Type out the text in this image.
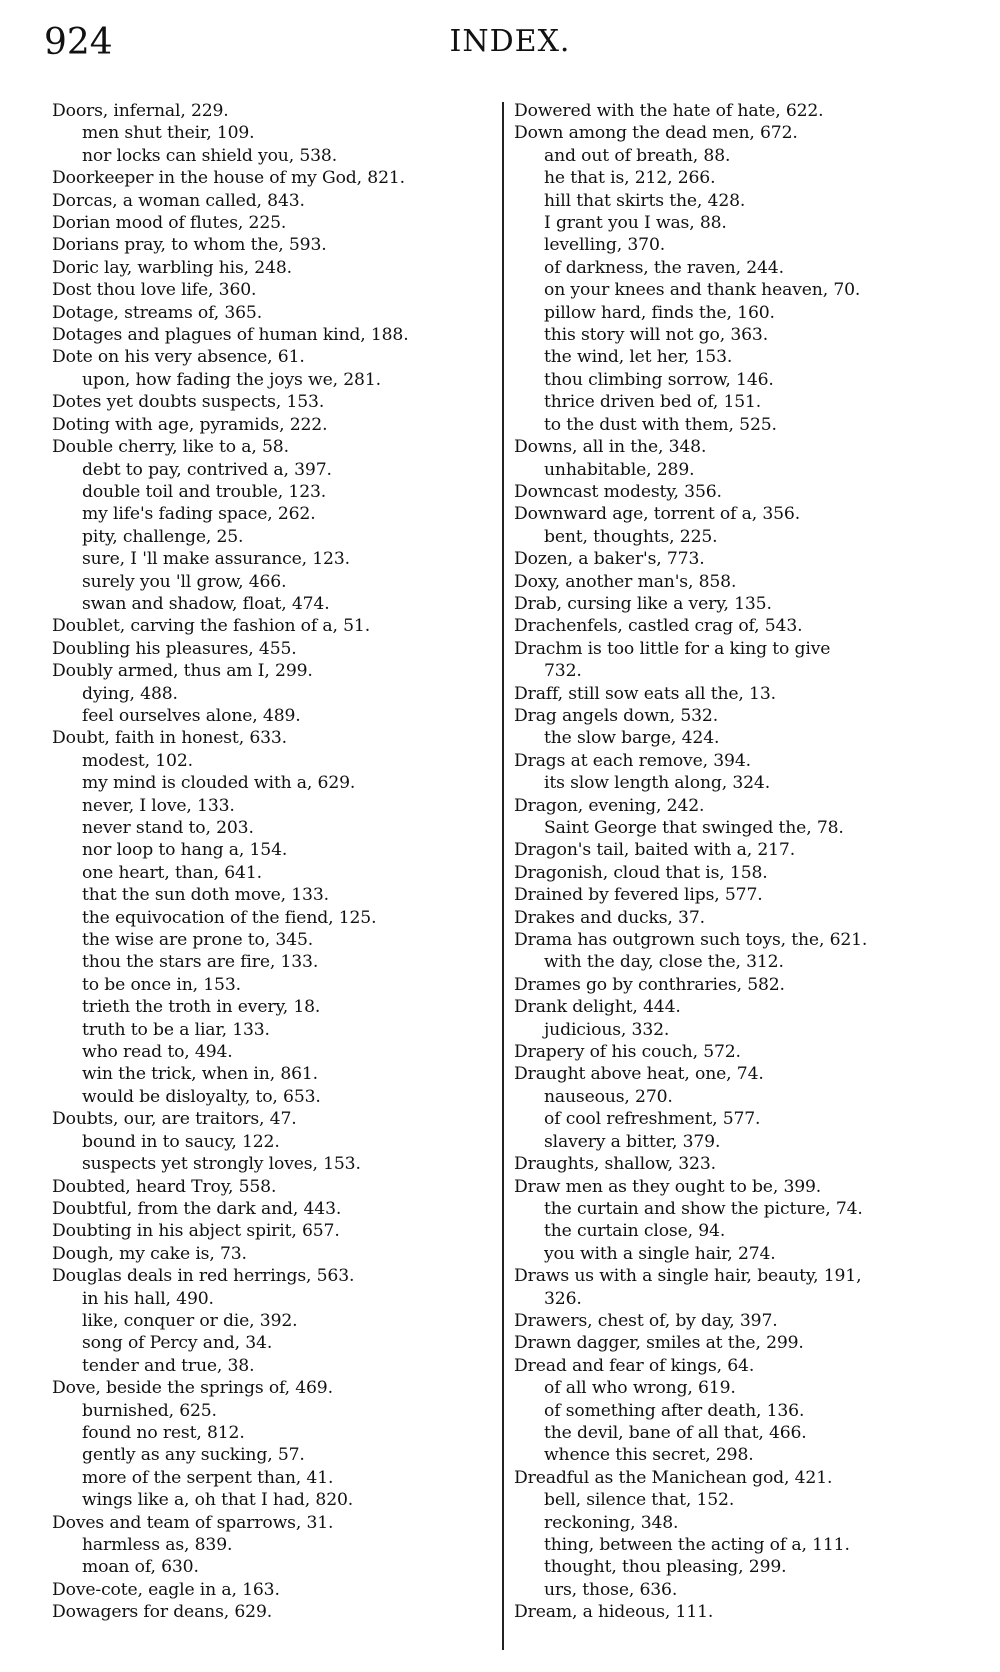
924	INDEX.
Doors, infernal, 229.
men shut their, 109.
nor locks can shield you, 538.
Doorkeeper in the house of my God, 821.
Dorcas, a woman called, 843.
Dorian mood of flutes, 225.
Dorians pray, to whom the, 593.
Doric lay, warbling his, 248.
Dost thou love life, 360.
Dotage, streams of, 365.
Dotages and plagues of human kind, 188.
Dote on his very absence, 61.
upon, how fading the joys we, 281.
Dotes yet doubts suspects, 153.
Doting with age, pyramids, 222.
Double cherry, like to a, 58.
debt to pay, contrived a, 397.
double toil and trouble, 123.
my life's fading space, 262.
pity, challenge, 25.
sure, I 'll make assurance, 123.
surely you 'll grow, 466.
swan and shadow, float, 474.
Doublet, carving the fashion of a, 51.
Doubling his pleasures, 455.
Doubly armed, thus am I, 299.
dying, 488.
feel ourselves alone, 489.
Doubt, faith in honest, 633.
modest, 102.
my mind is clouded with a, 629.
never, I love, 133.
never stand to, 203.
nor loop to hang a, 154.
one heart, than, 641.
that the sun doth move, 133.
the equivocation of the fiend, 125.
the wise are prone to, 345.
thou the stars are fire, 133.
to be once in, 153.
trieth the troth in every, 18.
truth to be a liar, 133.
who read to, 494.
win the trick, when in, 861.
would be disloyalty, to, 653.
Doubts, our, are traitors, 47.
bound in to saucy, 122.
suspects yet strongly loves, 153.
Doubted, heard Troy, 558.
Doubtful, from the dark and, 443.
Doubting in his abject spirit, 657.
Dough, my cake is, 73.
Douglas deals in red herrings, 563.
in his hall, 490.
like, conquer or die, 392.
song of Percy and, 34.
tender and true, 38.
Dove, beside the springs of, 469.
burnished, 625.
found no rest, 812.
gently as any sucking, 57.
more of the serpent than, 41.
wings like a, oh that I had, 820.
Doves and team of sparrows, 31.
harmless as, 839.
moan of, 630.
Dove-cote, eagle in a, 163.
Dowagers for deans, 629.
Dowered with the hate of hate, 622.
Down among the dead men, 672.
and out of breath, 88.
he that is, 212, 266.
hill that skirts the, 428.
I grant you I was, 88.
levelling, 370.
of darkness, the raven, 244.
on your knees and thank heaven, 70.
pillow hard, finds the, 160.
this story will not go, 363.
the wind, let her, 153.
thou climbing sorrow, 146.
thrice driven bed of, 151.
to the dust with them, 525.
Downs, all in the, 348.
unhabitable, 289.
Downcast modesty, 356.
Downward age, torrent of a, 356.
bent, thoughts, 225.
Dozen, a baker's, 773.
Doxy, another man's, 858.
Drab, cursing like a very, 135.
Drachenfels, castled crag of, 543.
Drachm is too little for a king to give
732.
Draff, still sow eats all the, 13.
Drag angels down, 532.
the slow barge, 424.
Drags at each remove, 394.
its slow length along, 324.
Dragon, evening, 242.
Saint George that swinged the, 78.
Dragon's tail, baited with a, 217.
Dragonish, cloud that is, 158.
Drained by fevered lips, 577.
Drakes and ducks, 37.
Drama has outgrown such toys, the, 621.
with the day, close the, 312.
Drames go by conthraries, 582.
Drank delight, 444.
judicious, 332.
Drapery of his couch, 572.
Draught above heat, one, 74.
nauseous, 270.
of cool refreshment, 577.
slavery a bitter, 379.
Draughts, shallow, 323.
Draw men as they ought to be, 399.
the curtain and show the picture, 74.
the curtain close, 94.
you with a single hair, 274.
Draws us with a single hair, beauty, 191,
326.
Drawers, chest of, by day, 397.
Drawn dagger, smiles at the, 299.
Dread and fear of kings, 64.
of all who wrong, 619.
of something after death, 136.
the devil, bane of all that, 466.
whence this secret, 298.
Dreadful as the Manichean god, 421.
bell, silence that, 152.
reckoning, 348.
thing, between the acting of a, 111.
thought, thou pleasing, 299.
urs, those, 636.
Dream, a hideous, 111.
